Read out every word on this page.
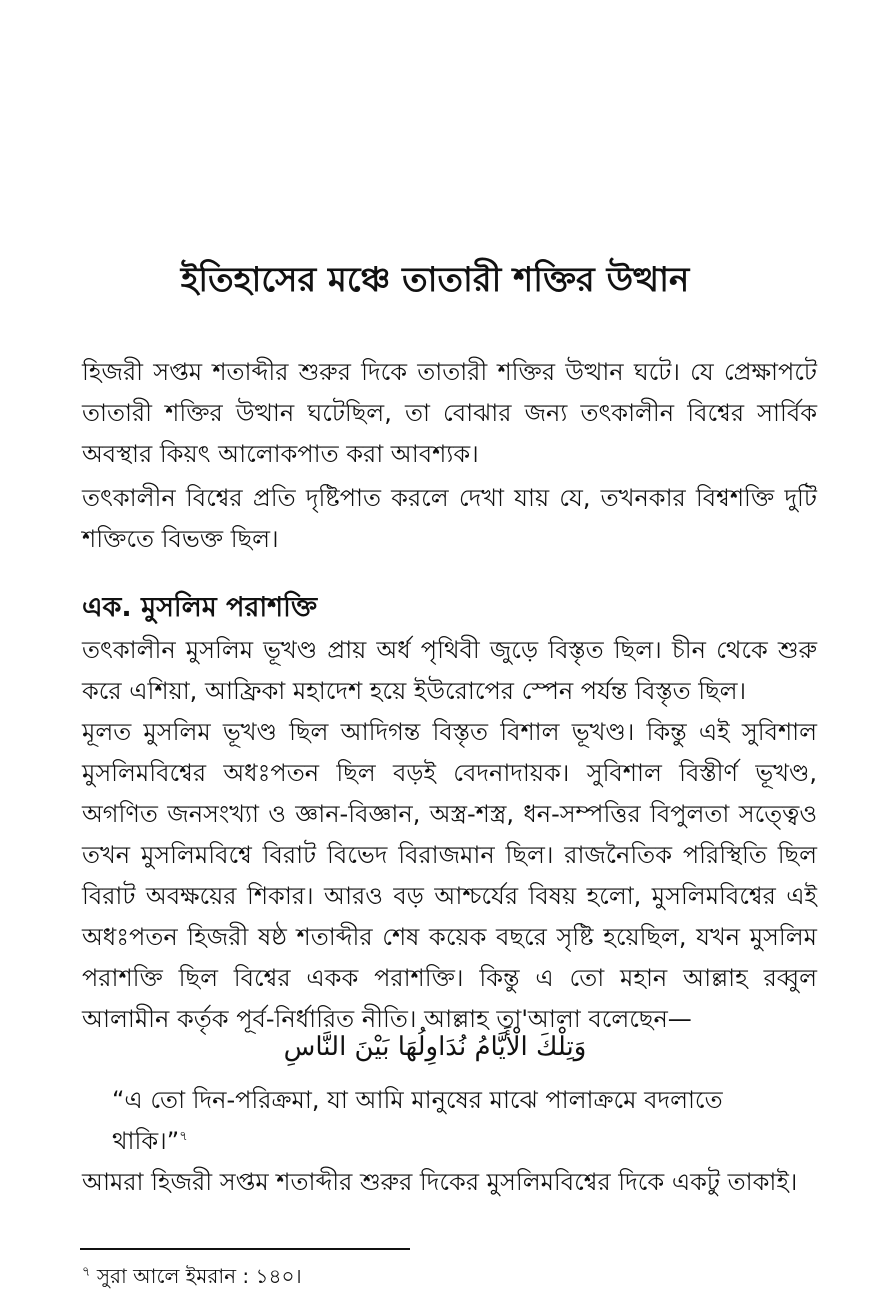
ইতিহাসের মঞ্চে তাতারী শক্তির উত্থান
হিজরী সপ্তম শতাব্দীর শুরুর দিকে তাতারী শক্তির উত্থান ঘটে। যে প্রেক্ষাপটে তাতারী শক্তির উত্থান ঘটেছিল, তা বোঝার জন্য তৎকালীন বিশ্বের সার্বিক অবস্থার কিয়ৎ আলোকপাত করা আবশ্যক।
তৎকালীন বিশ্বের প্রতি দৃষ্টিপাত করলে দেখা যায় যে, তখনকার বিশ্বশক্তি দুটি শক্তিতে বিভক্ত ছিল।
এক. মুসলিম পরাশক্তি
তৎকালীন মুসলিম ভূখণ্ড প্রায় অর্ধ পৃথিবী জুড়ে বিস্তৃত ছিল। চীন থেকে শুরু করে এশিয়া, আফ্রিকা মহাদেশ হয়ে ইউরোপের স্পেন পর্যন্ত বিস্তৃত ছিল।
মূলত মুসলিম ভূখণ্ড ছিল আদিগন্ত বিস্তৃত বিশাল ভূখণ্ড। কিন্তু এই সুবিশাল মুসলিমবিশ্বের অধঃপতন ছিল বড়ই বেদনাদায়ক। সুবিশাল বিস্তীর্ণ ভূখণ্ড, অগণিত জনসংখ্যা ও জ্ঞান-বিজ্ঞান, অস্ত্র-শস্ত্র, ধন-সম্পত্তির বিপুলতা সত্ত্বেও তখন মুসলিমবিশ্বে বিরাট বিভেদ বিরাজমান ছিল। রাজনৈতিক পরিস্থিতি ছিল বিরাট অবক্ষয়ের শিকার। আরও বড় আশ্চর্যের বিষয় হলো, মুসলিমবিশ্বের এই অধঃপতন হিজরী ষষ্ঠ শতাব্দীর শেষ কয়েক বছরে সৃষ্টি হয়েছিল, যখন মুসলিম পরাশক্তি ছিল বিশ্বের একক পরাশক্তি। কিন্তু এ তো মহান আল্লাহ রব্বুল আলামীন কর্তৃক পূর্ব-নির্ধারিত নীতি। আল্লাহ তা'আলা বলেছেন—
وَتِلْكَ الْأَيَّامُ نُدَاوِلُهَا بَيْنَ النَّاسِ
“এ তো দিন-পরিক্রমা, যা আমি মানুষের মাঝে পালাক্রমে বদলাতে থাকি।”$^৭$
আমরা হিজরী সপ্তম শতাব্দীর শুরুর দিকের মুসলিমবিশ্বের দিকে একটু তাকাই।
$^৭$ সুরা আলে ইমরান : ১৪০।
